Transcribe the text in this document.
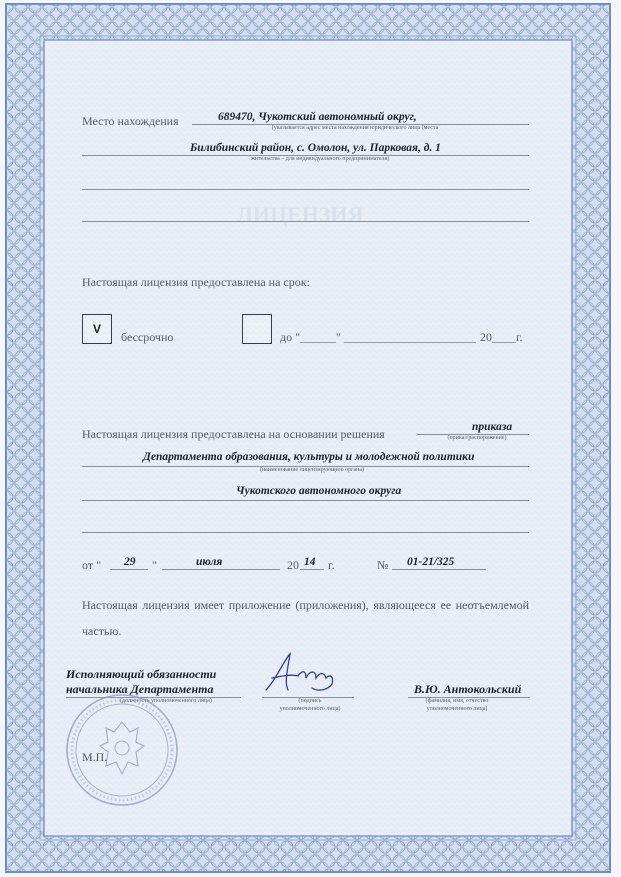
ЛИЦЕНЗИЯ
Место нахождения	689470, Чукотский автономный округ,
(указывается адрес места нахождения юридического лица (места
Билибинский район, с. Омолон, ул. Парковая, д. 1
жительства – для индивидуального предпринимателя)
Настоящая лицензия предоставлена на срок:
V
бессрочно	до "______" ______________________ 20____г.
Настоящая лицензия предоставлена на основании решения	приказа
(приказ/распоряжение)
Департамента образования, культуры и молодежной политики
(наименование лицензирующего органа)
Чукотского автономного округа
от " 29 "	июля	20 14 г.	№ 01-21/325
Настоящая лицензия имеет приложение (приложения), являющееся ее неотъемлемой частью.
Исполняющий обязанности
начальника Департамента
(должность уполномоченного лица)	(подпись
уполномоченного лица)
В.Ю. Антокольский
(фамилия, имя, отчество
уполномоченного лица)
М.П.
